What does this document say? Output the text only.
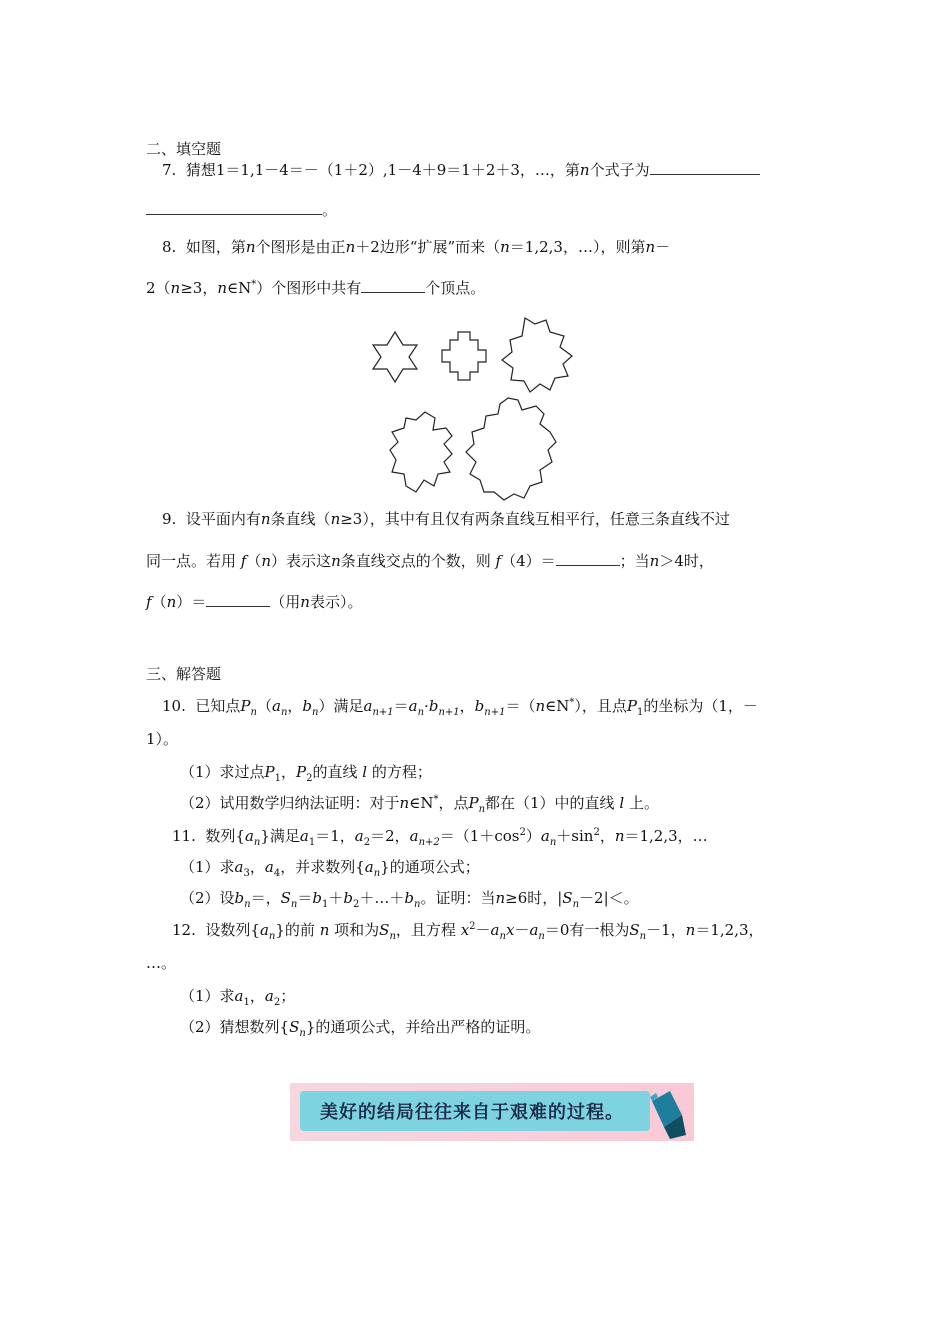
二、填空题
7. 猜想1＝1,1－4＝－（1＋2）,1－4＋9＝1＋2＋3，…，第n个式子为
。
8. 如图，第n个图形是由正n＋2边形“扩展”而来（n＝1,2,3，…），则第n－
2（n≥3，n∈N*）个图形中共有	个顶点。
9. 设平面内有n条直线（n≥3），其中有且仅有两条直线互相平行，任意三条直线不过
同一点。若用 f（n）表示这n条直线交点的个数，则 f（4）＝	；当n＞4时，
f（n）＝	（用n表示）。
三、解答题
10. 已知点$P_n(a_n$，$b_n$）满足$a_{n+1}=a_n\cdot b_{n+1}$，$b_{n+1}=(n\in N^*)$，且点$P_1$的坐标为（1，－
1）。
（1）求过点$P_1$，$P_2$的直线 l 的方程；
（2）试用数学归纳法证明：对于n∈N*，点$P_n$都在（1）中的直线 l 上。
11. 数列$\{a_n\}$满足$a_1=1$，$a_2=2$，$a_{n+2}=(1+\cos^2)a_n+\sin^2$，n＝1,2,3，…
（1）求$a_3$，$a_4$，并求数列$\{a_n\}$的通项公式；
（2）设$b_n=$，$S_n=b_1+b_2+\dots+b_n$。证明：当n≥6时，$|S_n-2|<$。
12. 设数列$\{a_n\}$的前 n 项和为$S_n$，且方程 $x^2-a_nx-a_n=0$有一根为$S_n-1$，n＝1,2,3，
…。
（1）求$a_1$，$a_2$；
（2）猜想数列$\{S_n\}$的通项公式，并给出严格的证明。
美好的结局往往来自于艰难的过程。
